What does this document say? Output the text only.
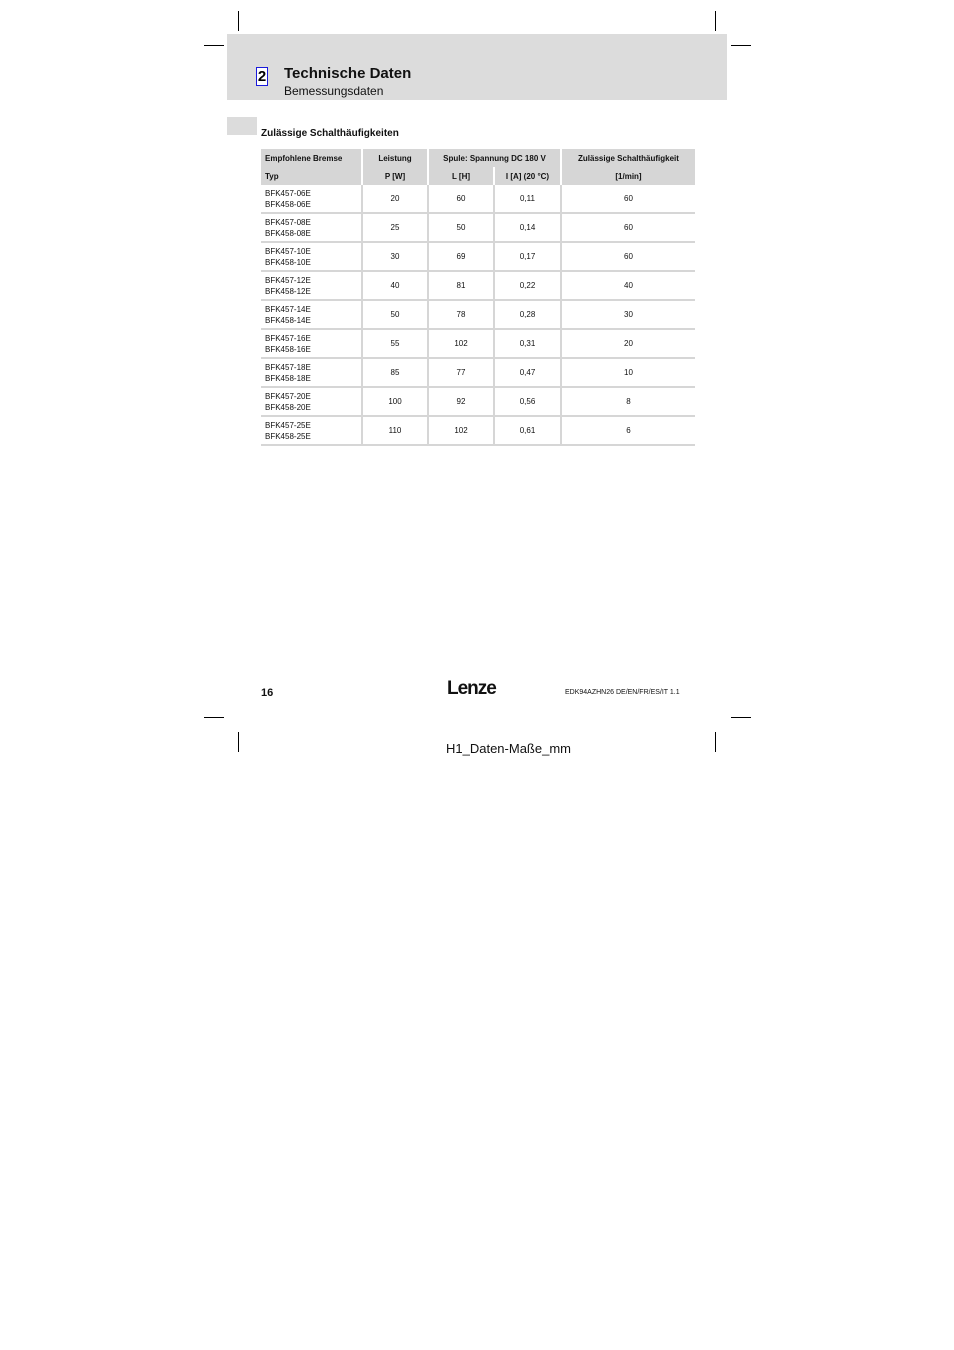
2 Technische Daten
Bemessungsdaten
Zulässige Schalthäufigkeiten
Empfohlene Bremse	Leistung	Spule: Spannung DC 180 V		Zulässige Schalthäufigkeit
Typ	P [W]	L [H]	I [A] (20 °C)	[1/min]

BFK457-06E
BFK458-06E	20	60	0,11	60

BFK457-08E
BFK458-08E	25	50	0,14	60

BFK457-10E
BFK458-10E	30	69	0,17	60

BFK457-12E
BFK458-12E	40	81	0,22	40

BFK457-14E
BFK458-14E	50	78	0,28	30

BFK457-16E
BFK458-16E	55	102	0,31	20

BFK457-18E
BFK458-18E	85	77	0,47	10

BFK457-20E
BFK458-20E	100	92	0,56	8

BFK457-25E
BFK458-25E	110	102	0,61	6
16	Lenze	EDK94AZHN26 DE/EN/FR/ES/IT 1.1
H1_Daten-Maße_mm
